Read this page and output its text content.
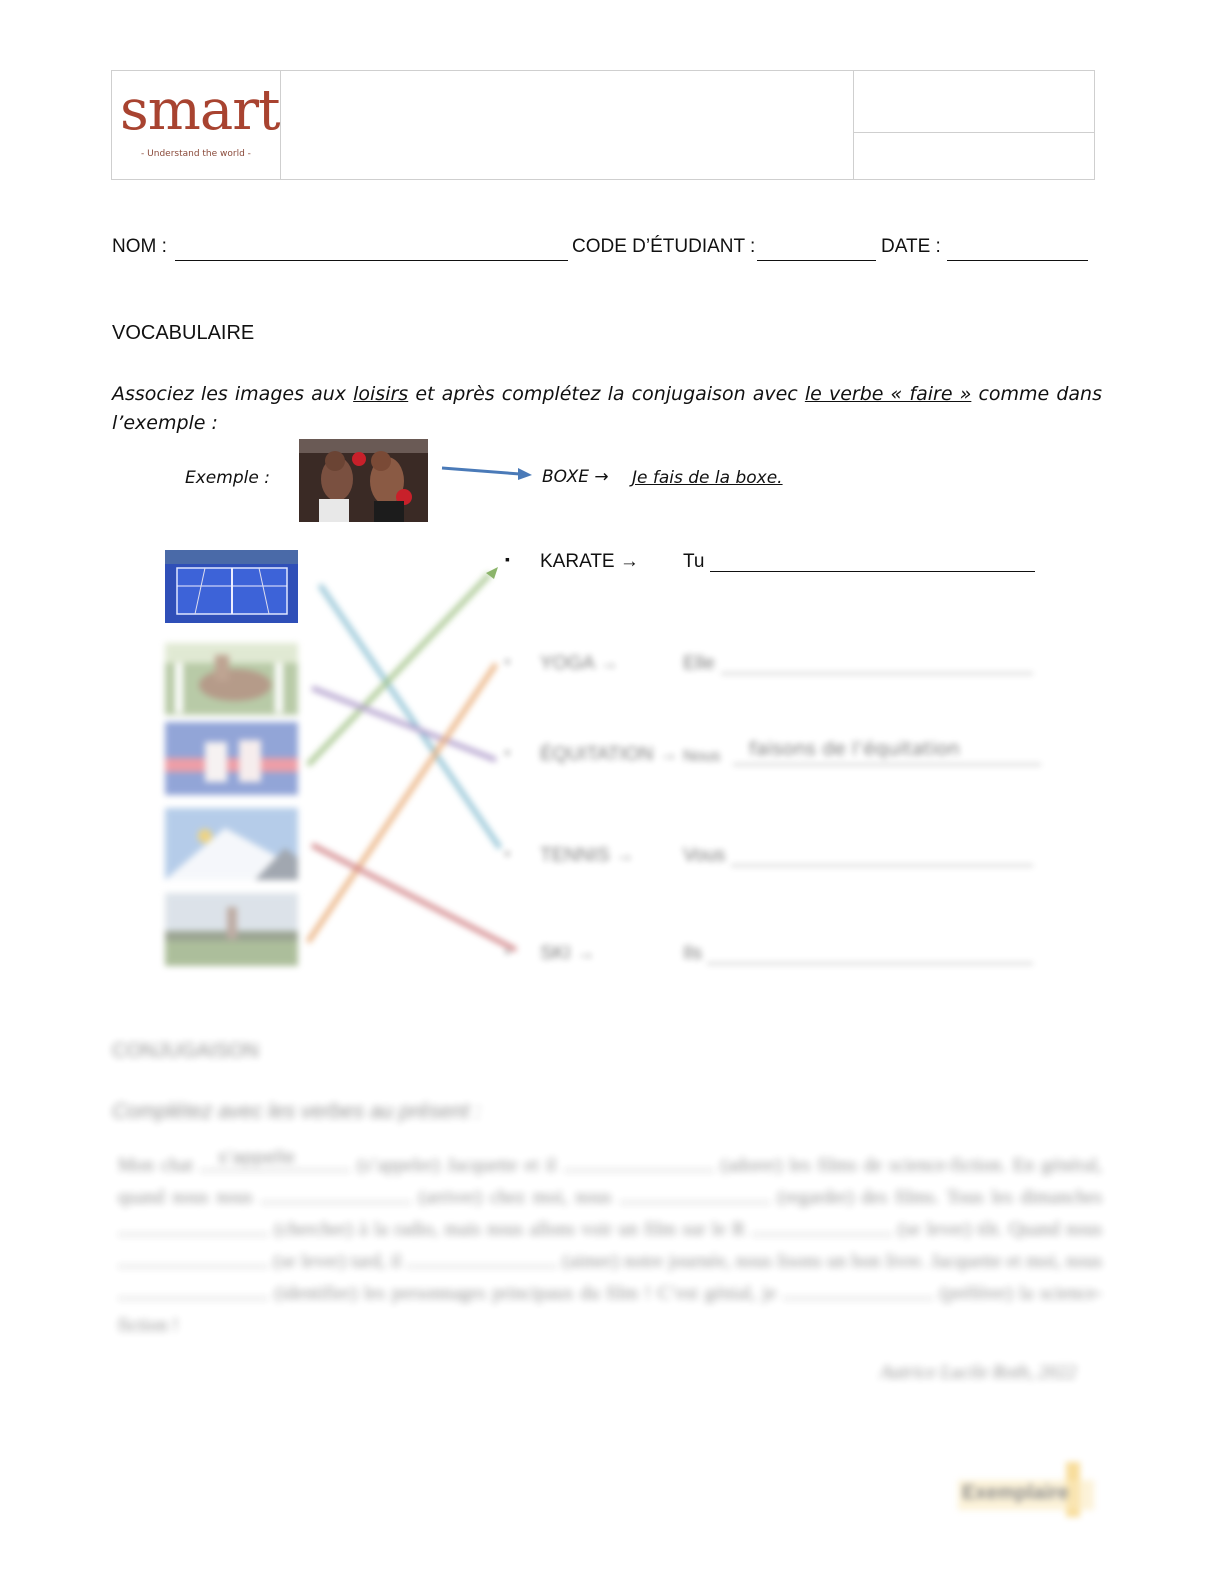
smart
- Understand the world -
NOM :	CODE D’ÉTUDIANT :	DATE :
VOCABULAIRE
Associez les images aux loisirs et après complétez la conjugaison avec le verbe « faire » comme dans l’exemple :
Exemple :	BOXE → Je fais de la boxe.
▪ KARATE → Tu
▪ YOGA →	Elle
▪ ÉQUITATION → Nous faisons de l’équitation
▪ TENNIS →	Vous
▪ SKI →	Ils
CONJUGAISON
Complétez avec les verbes au présent :
Mon chat s’appelle	(s’appeler) Jacquette et il	(adorer) les films de science-fiction. En général, quand nous nous	(arriver) chez moi, nous	(regarder) des films. Tous les dimanches  (chercher) à la radio, mais nous allons voir un film sur le R	(se lever) tôt. Quand nous  (se lever) tard, il	(aimer) notre journée, nous lisons un bon livre. Jacquette et moi, nous  (identifier) les personnages principaux du film ! C’est génial, je	(préférer) la science-fiction !
Autrice Lucile Roth, 2022
Exemplaire
